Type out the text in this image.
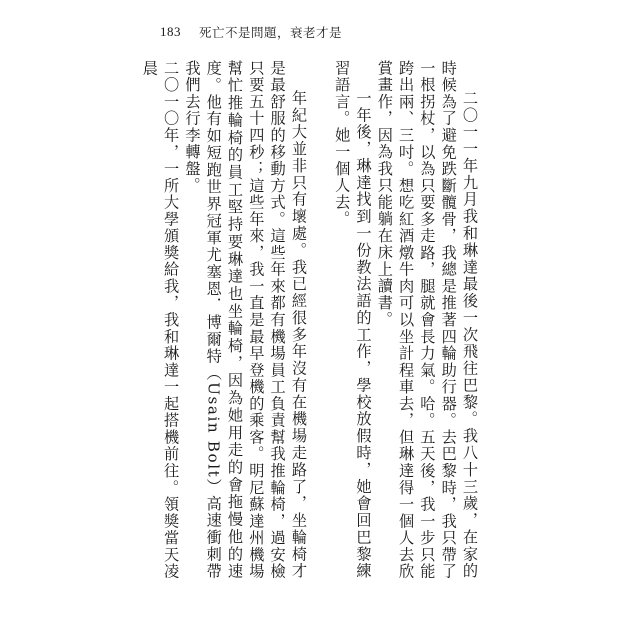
183 死亡不是問題，衰老才是

二〇一一年九月我和琳達最後一次飛往巴黎。我八十三歲，在家的時候為了避免跌斷髖骨，我總是推著四輪助行器。去巴黎時，我只帶了一根拐杖，以為只要多走路，腿就會長力氣。哈。五天後，我一步只能跨出兩、三吋。想吃紅酒燉牛肉可以坐計程車去，但琳達得一個人去欣賞畫作，因為我只能躺在床上讀書。

一年後，琳達找到一份教法語的工作，學校放假時，她會回巴黎練習語言。她一個人去。

年紀大並非只有壞處。我已經很多年沒有在機場走路了，坐輪椅才是最舒服的移動方式。這些年來都有機場員工負責幫我推輪椅，過安檢只要五十四秒；這些年來，我一直是最早登機的乘客。明尼蘇達州機場幫忙推輪椅的員工堅持要琳達也坐輪椅，因為她用走的會拖慢他的速度。他有如短跑世界冠軍尤塞恩．博爾特（Usain Bolt）高速衝刺帶我們去行李轉盤。

二〇一〇年，一所大學頒獎給我，我和琳達一起搭機前往。領獎當天凌晨
